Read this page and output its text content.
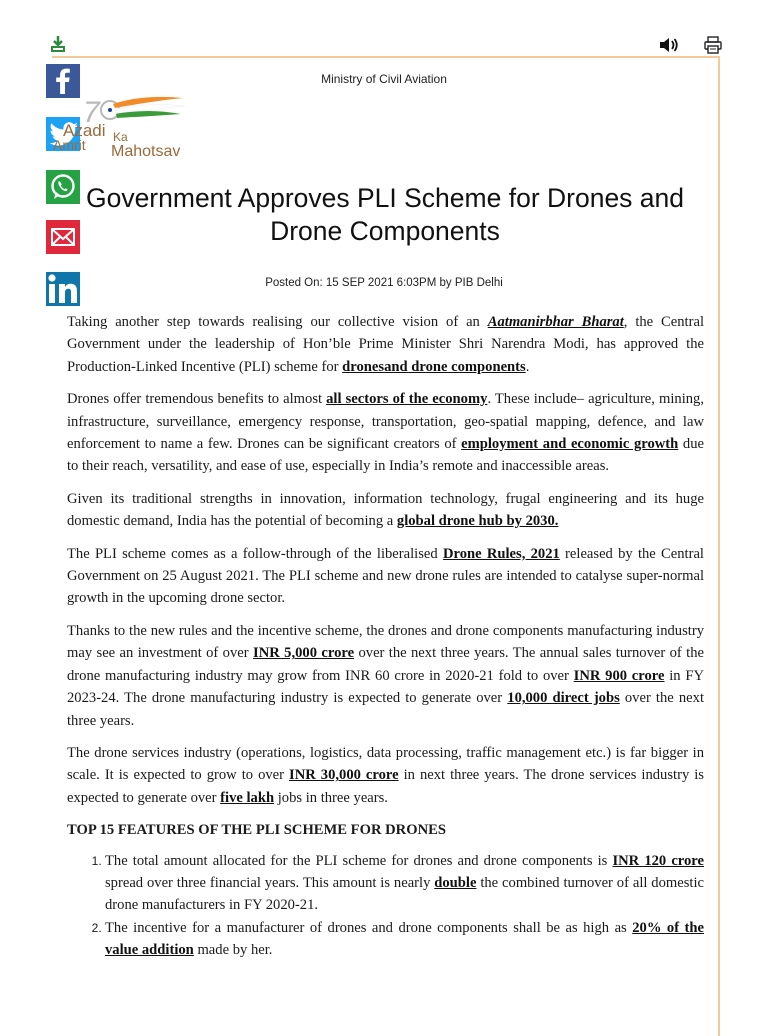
7
Azadi Ka
Amrit Mahotsav
Ministry of Civil Aviation
Government Approves PLI Scheme for Drones and Drone Components
Posted On: 15 SEP 2021 6:03PM by PIB Delhi

Taking another step towards realising our collective vision of an Aatmanirbhar Bharat, the Central Government under the leadership of Hon’ble Prime Minister Shri Narendra Modi, has approved the Production-Linked Incentive (PLI) scheme for dronesand drone components.

Drones offer tremendous benefits to almost all sectors of the economy. These include– agriculture, mining, infrastructure, surveillance, emergency response, transportation, geo-spatial mapping, defence, and law enforcement to name a few. Drones can be significant creators of employment and economic growth due to their reach, versatility, and ease of use, especially in India’s remote and inaccessible areas.

Given its traditional strengths in innovation, information technology, frugal engineering and its huge domestic demand, India has the potential of becoming a global drone hub by 2030.

The PLI scheme comes as a follow-through of the liberalised Drone Rules, 2021 released by the Central Government on 25 August 2021. The PLI scheme and new drone rules are intended to catalyse super-normal growth in the upcoming drone sector.

Thanks to the new rules and the incentive scheme, the drones and drone components manufacturing industry may see an investment of over INR 5,000 crore over the next three years. The annual sales turnover of the drone manufacturing industry may grow from INR 60 crore in 2020-21 fold to over INR 900 crore in FY 2023-24. The drone manufacturing industry is expected to generate over 10,000 direct jobs over the next three years.

The drone services industry (operations, logistics, data processing, traffic management etc.) is far bigger in scale. It is expected to grow to over INR 30,000 crore in next three years. The drone services industry is expected to generate over five lakh jobs in three years.

TOP 15 FEATURES OF THE PLI SCHEME FOR DRONES
1. The total amount allocated for the PLI scheme for drones and drone components is INR 120 crore spread over three financial years. This amount is nearly double the combined turnover of all domestic drone manufacturers in FY 2020-21.
2. The incentive for a manufacturer of drones and drone components shall be as high as 20% of the value addition made by her.
